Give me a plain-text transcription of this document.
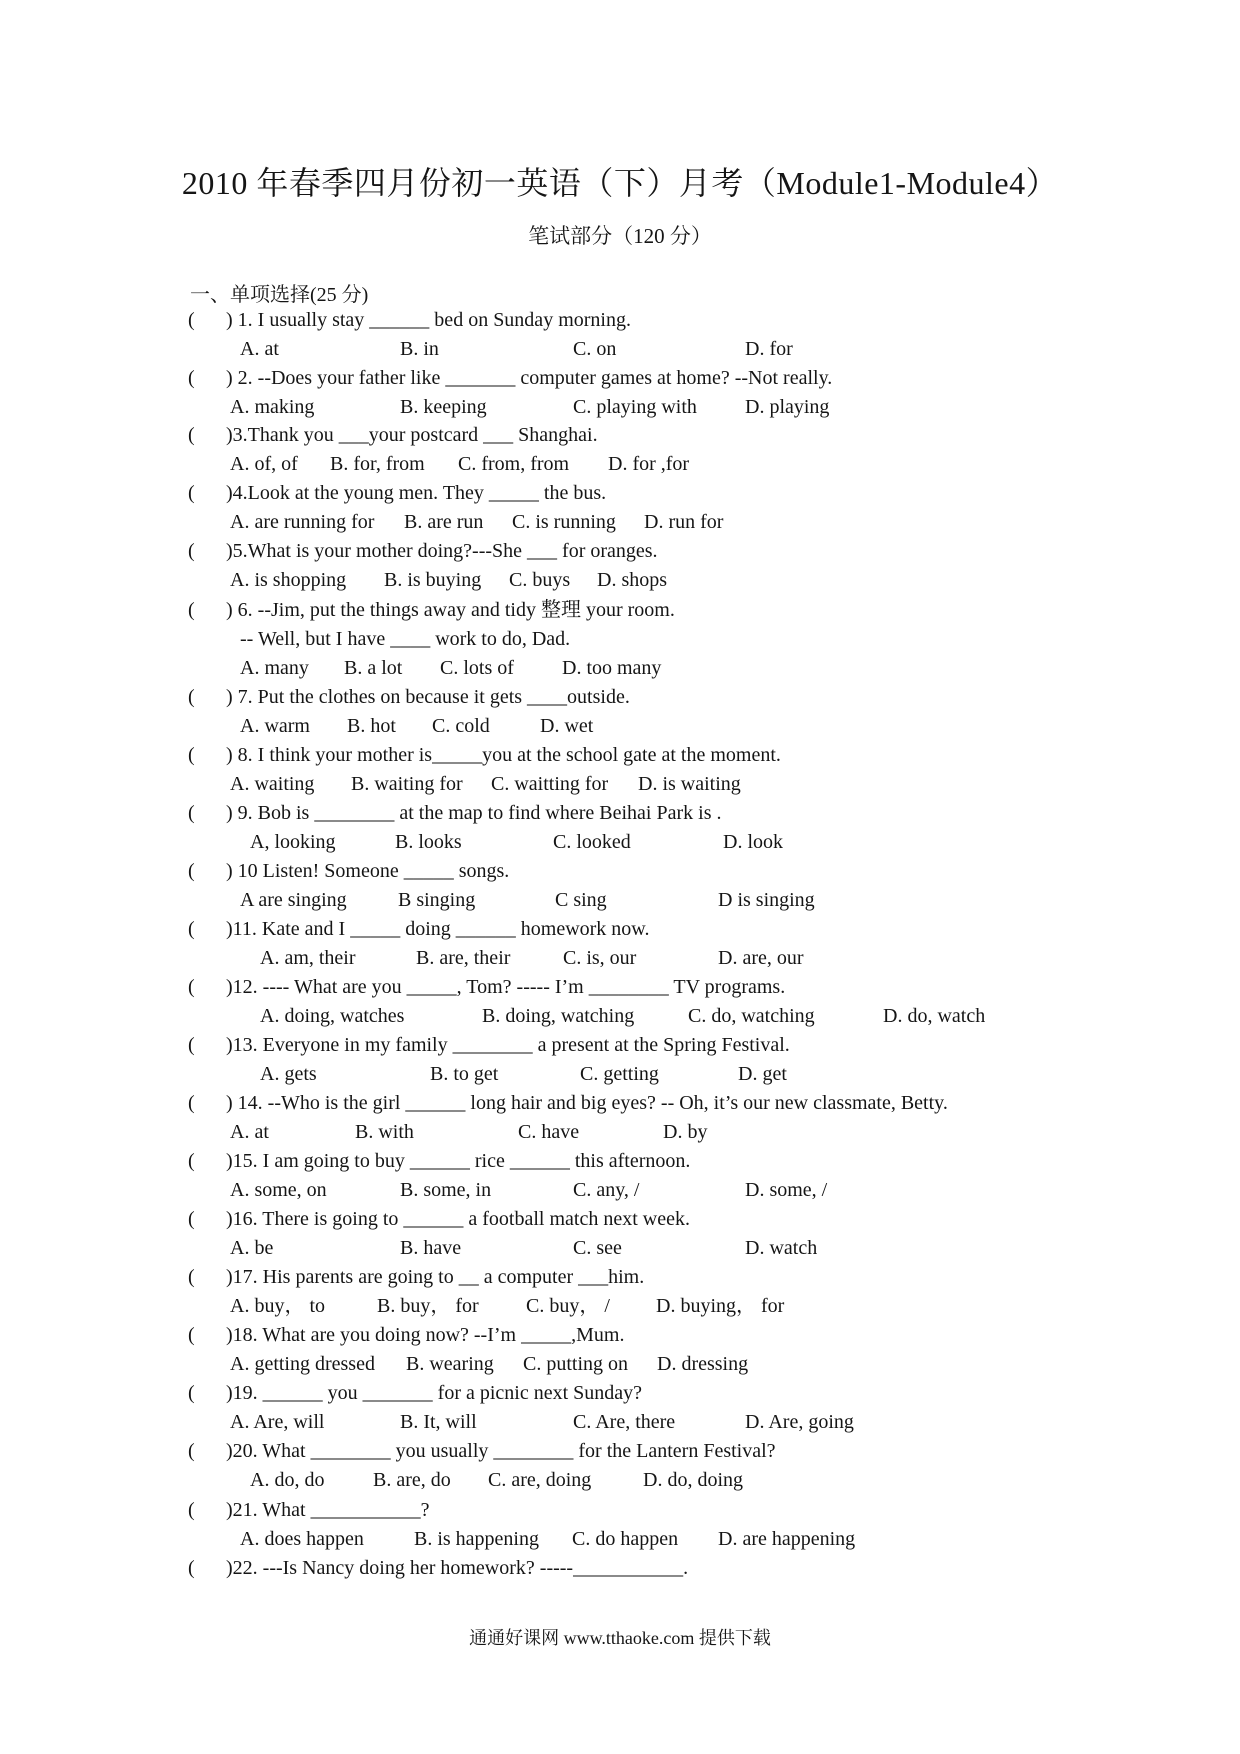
2010 年春季四月份初一英语（下）月考（Module1-Module4）
笔试部分（120 分）
一、单项选择(25 分)
( ) 1. I usually stay ______ bed on Sunday morning.
A. at	B. in	C. on	D. for
( ) 2. --Does your father like _______ computer games at home? --Not really.
A. making	B. keeping	C. playing with D. playing
( )3.Thank you ___your postcard ___ Shanghai.
A. of, of B. for, from C. from, from D. for ,for
( )4.Look at the young men. They _____ the bus.
A. are running for B. are run C. is running D. run for
( )5.What is your mother doing?---She ___ for oranges.
A. is shopping B. is buying C. buys D. shops
( ) 6. --Jim, put the things away and tidy 整理 your room.
-- Well, but I have ____ work to do, Dad.
A. many B. a lot C. lots of D. too many
( ) 7. Put the clothes on because it gets ____outside.
A. warm B. hot C. cold	D. wet
( ) 8. I think your mother is_____you at the school gate at the moment.
A. waiting B. waiting for C. waitting for D. is waiting
( ) 9. Bob is ________ at the map to find where Beihai Park is .
A, looking	B. looks	C. looked	D. look
( ) 10 Listen! Someone _____ songs.
A are singing	B singing	C sing	D is singing
( )11. Kate and I _____ doing ______ homework now.
A. am, their	B. are, their	C. is, our	D. are, our
( )12. ---- What are you _____, Tom? ----- I’m ________ TV programs.
A. doing, watches	B. doing, watching	C. do, watching	D. do, watch
( )13. Everyone in my family ________ a present at the Spring Festival.
A. gets	B. to get	C. getting	D. get
( ) 14. --Who is the girl ______ long hair and big eyes? -- Oh, it’s our new classmate, Betty.
A. at	B. with	C. have	D. by
( )15. I am going to buy ______ rice ______ this afternoon.
A. some, on	B. some, in	C. any, /	D. some, /
( )16. There is going to ______ a football match next week.
A. be	B. have	C. see	D. watch
( )17. His parents are going to __ a computer ___him.
A. buy， to	B. buy， for C. buy， / D. buying， for
( )18. What are you doing now? --I’m _____,Mum.
A. getting dressed B. wearing C. putting on D. dressing
( )19. ______ you _______ for a picnic next Sunday?
A. Are, will	B. It, will	C. Are, there	D. Are, going
( )20. What ________ you usually ________ for the Lantern Festival?
A. do, do B. are, do C. are, doing	D. do, doing
( )21. What ___________?
A. does happen	B. is happening C. do happen D. are happening
( )22. ---Is Nancy doing her homework? -----___________.
通通好课网 www.tthaoke.com 提供下载
